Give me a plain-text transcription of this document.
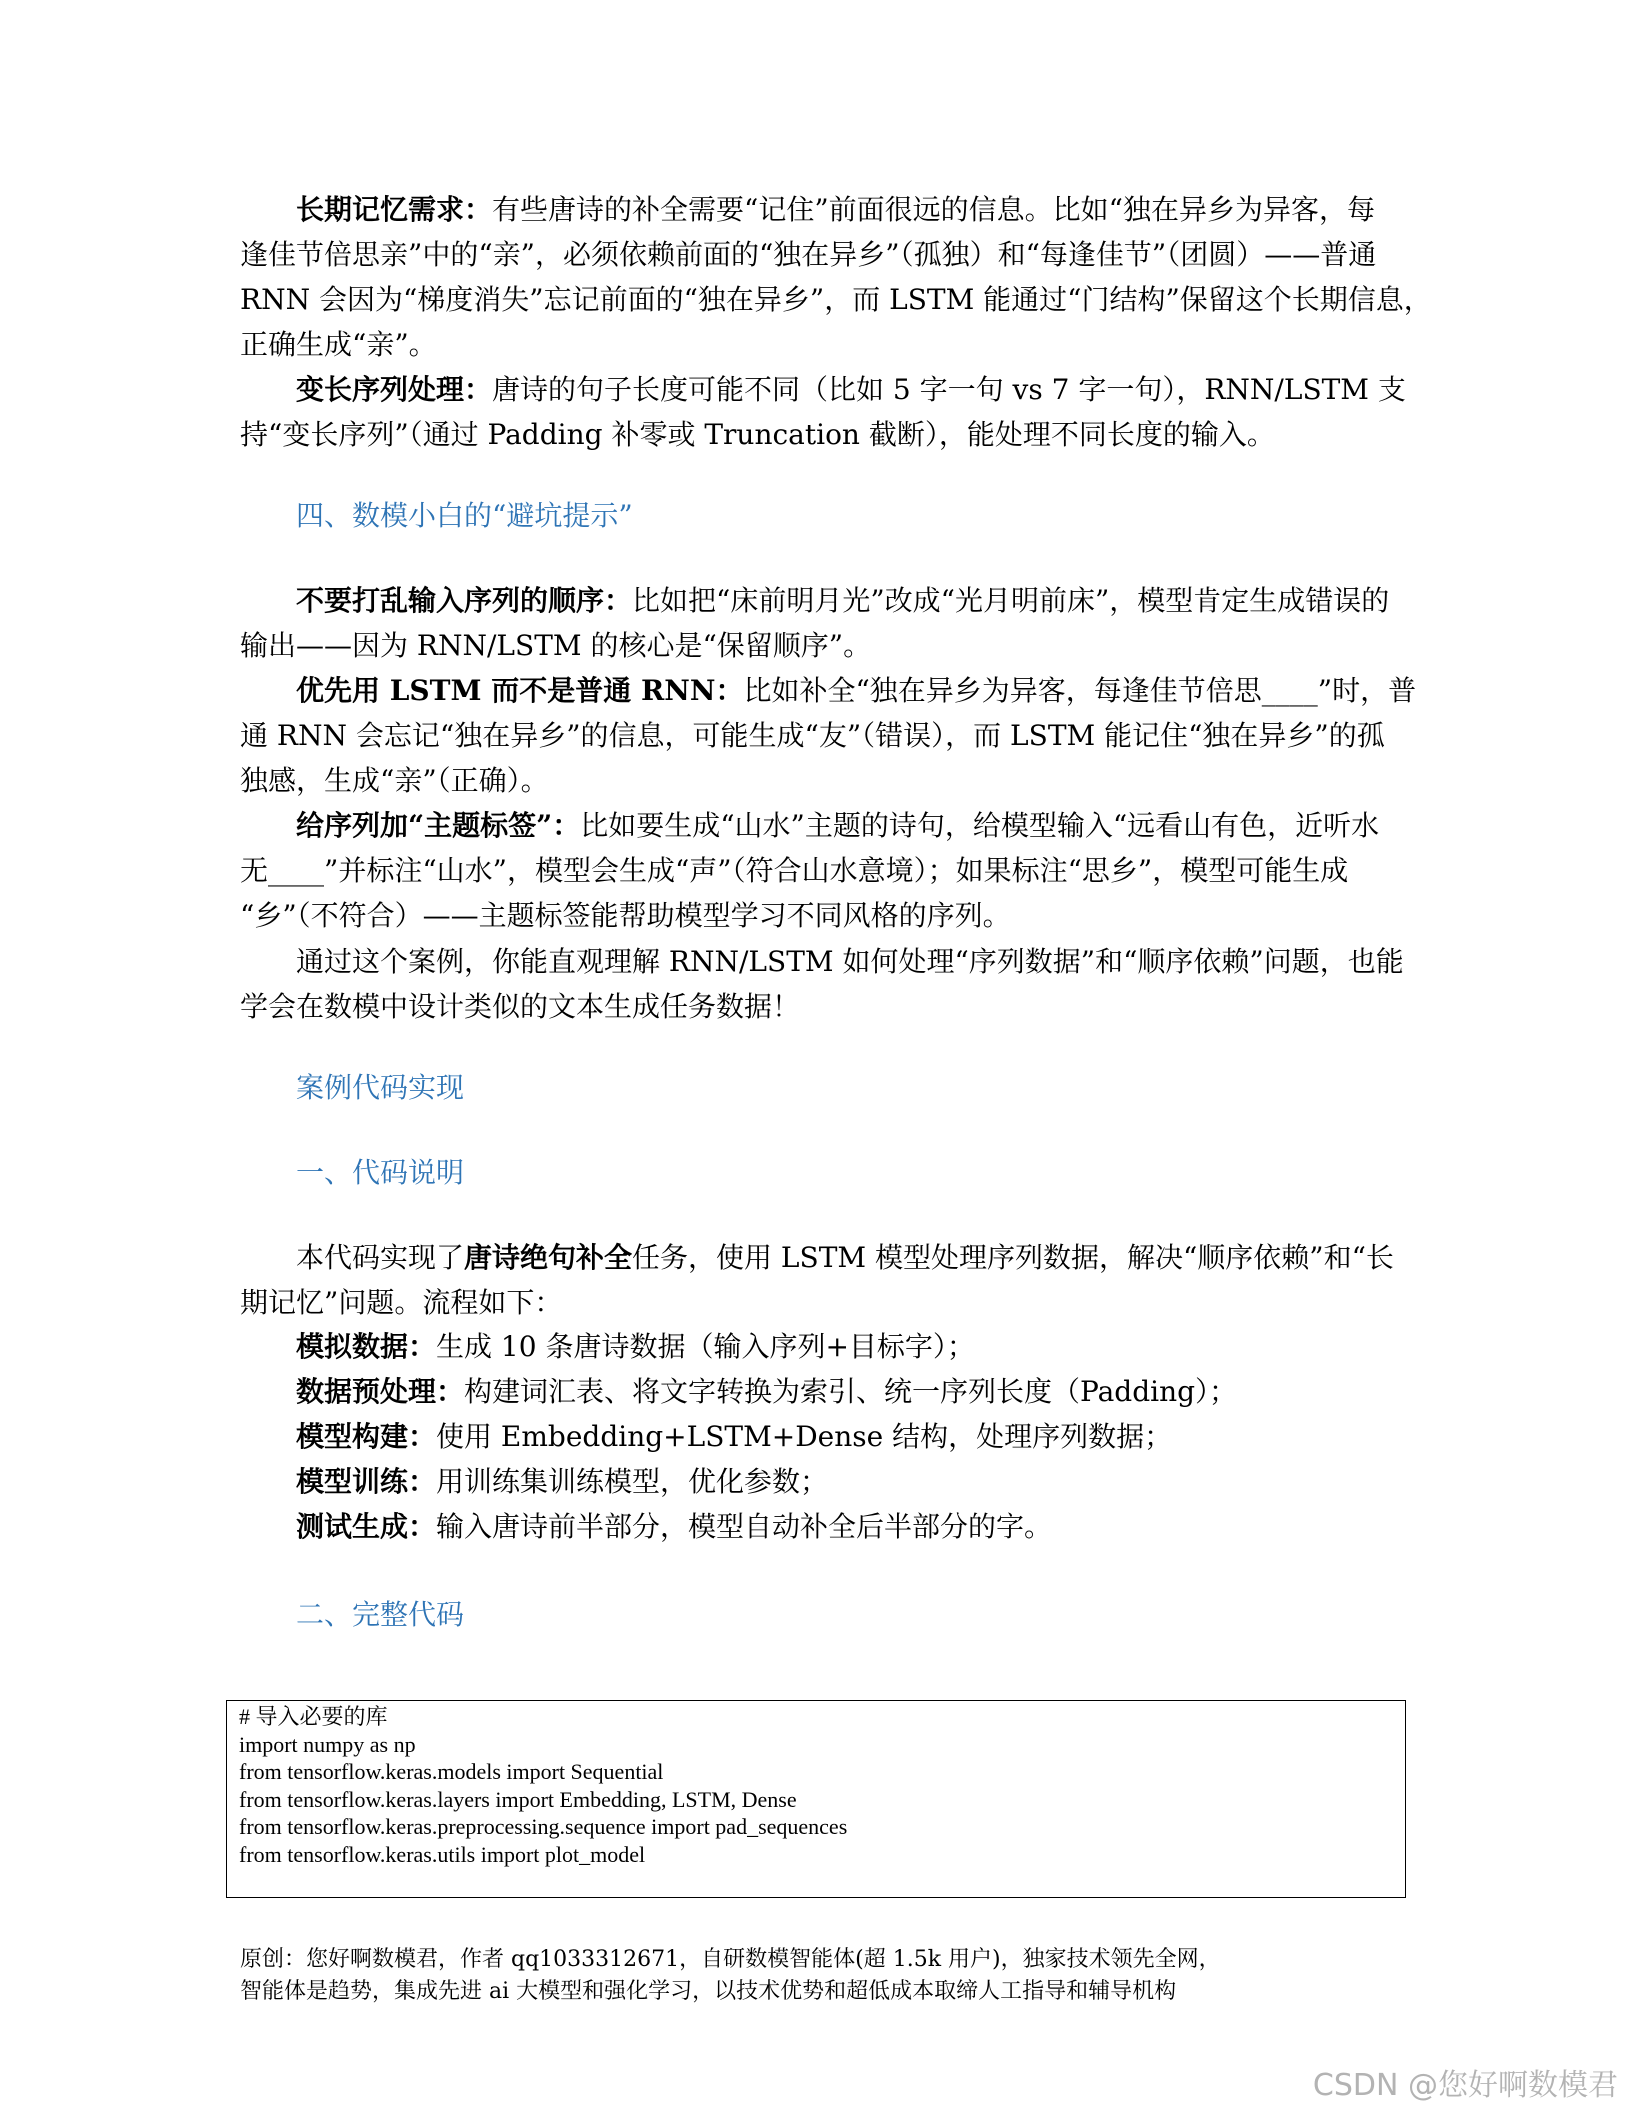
长期记忆需求：有些唐诗的补全需要“记住”前面很远的信息。比如“独在异乡为异客，每
逢佳节倍思亲”中的“亲”，必须依赖前面的“独在异乡”（孤独）和“每逢佳节”（团圆）——普通
RNN 会因为“梯度消失”忘记前面的“独在异乡”，而 LSTM 能通过“门结构”保留这个长期信息，
正确生成“亲”。
变长序列处理：唐诗的句子长度可能不同（比如 5 字一句 vs 7 字一句），RNN/LSTM 支
持“变长序列”（通过 Padding 补零或 Truncation 截断），能处理不同长度的输入。
四、数模小白的“避坑提示”
不要打乱输入序列的顺序：比如把“床前明月光”改成“光月明前床”，模型肯定生成错误的
输出——因为 RNN/LSTM 的核心是“保留顺序”。
优先用 LSTM 而不是普通 RNN：比如补全“独在异乡为异客，每逢佳节倍思____”时，普
通 RNN 会忘记“独在异乡”的信息，可能生成“友”（错误），而 LSTM 能记住“独在异乡”的孤
独感，生成“亲”（正确）。
给序列加“主题标签”：比如要生成“山水”主题的诗句，给模型输入“远看山有色，近听水
无____”并标注“山水”，模型会生成“声”（符合山水意境）；如果标注“思乡”，模型可能生成
“乡”（不符合）——主题标签能帮助模型学习不同风格的序列。
通过这个案例，你能直观理解 RNN/LSTM 如何处理“序列数据”和“顺序依赖”问题，也能
学会在数模中设计类似的文本生成任务数据！
案例代码实现
一、代码说明
本代码实现了唐诗绝句补全任务，使用 LSTM 模型处理序列数据，解决“顺序依赖”和“长
期记忆”问题。流程如下：
模拟数据：生成 10 条唐诗数据（输入序列+目标字）；
数据预处理：构建词汇表、将文字转换为索引、统一序列长度（Padding）；
模型构建：使用 Embedding+LSTM+Dense 结构，处理序列数据；
模型训练：用训练集训练模型，优化参数；
测试生成：输入唐诗前半部分，模型自动补全后半部分的字。
二、完整代码
# 导入必要的库
import numpy as np
from tensorflow.keras.models import Sequential
from tensorflow.keras.layers import Embedding, LSTM, Dense
from tensorflow.keras.preprocessing.sequence import pad_sequences
from tensorflow.keras.utils import plot_model
原创：您好啊数模君，作者 qq1033312671，自研数模智能体(超 1.5k 用户)，独家技术领先全网，
智能体是趋势，集成先进 ai 大模型和强化学习，以技术优势和超低成本取缔人工指导和辅导机构
CSDN @您好啊数模君
